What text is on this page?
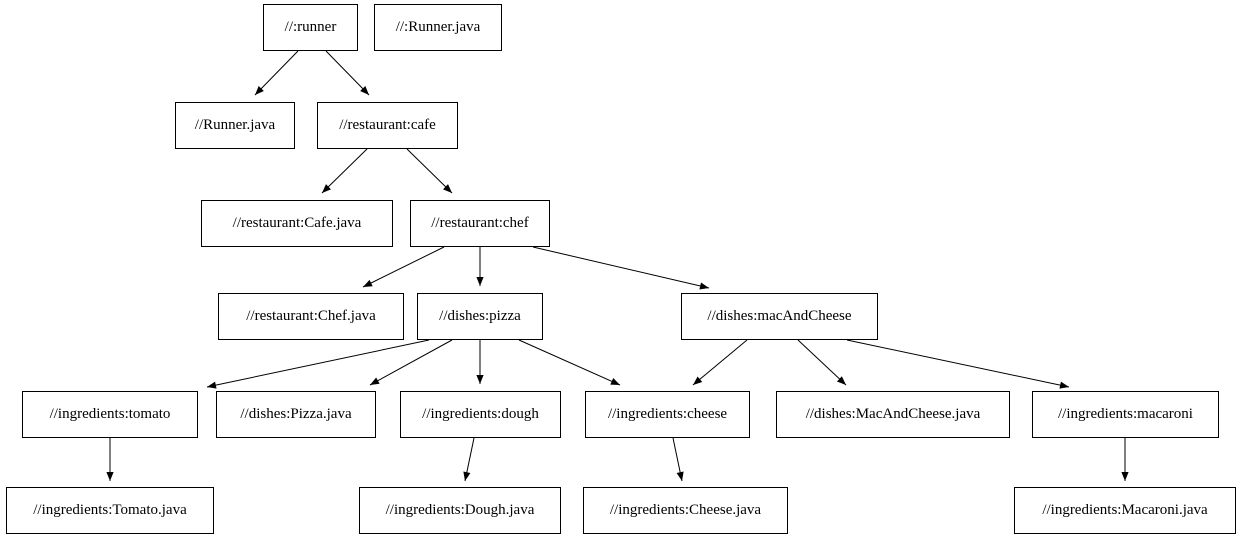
//:runner	//:Runner.java
//Runner.java	//restaurant:cafe
//restaurant:Cafe.java	//restaurant:chef
//restaurant:Chef.java	//dishes:pizza	//dishes:macAndCheese
//ingredients:tomato	//dishes:Pizza.java	//ingredients:dough	//ingredients:cheese	//dishes:MacAndCheese.java	//ingredients:macaroni
//ingredients:Tomato.java	//ingredients:Dough.java	//ingredients:Cheese.java	//ingredients:Macaroni.java
